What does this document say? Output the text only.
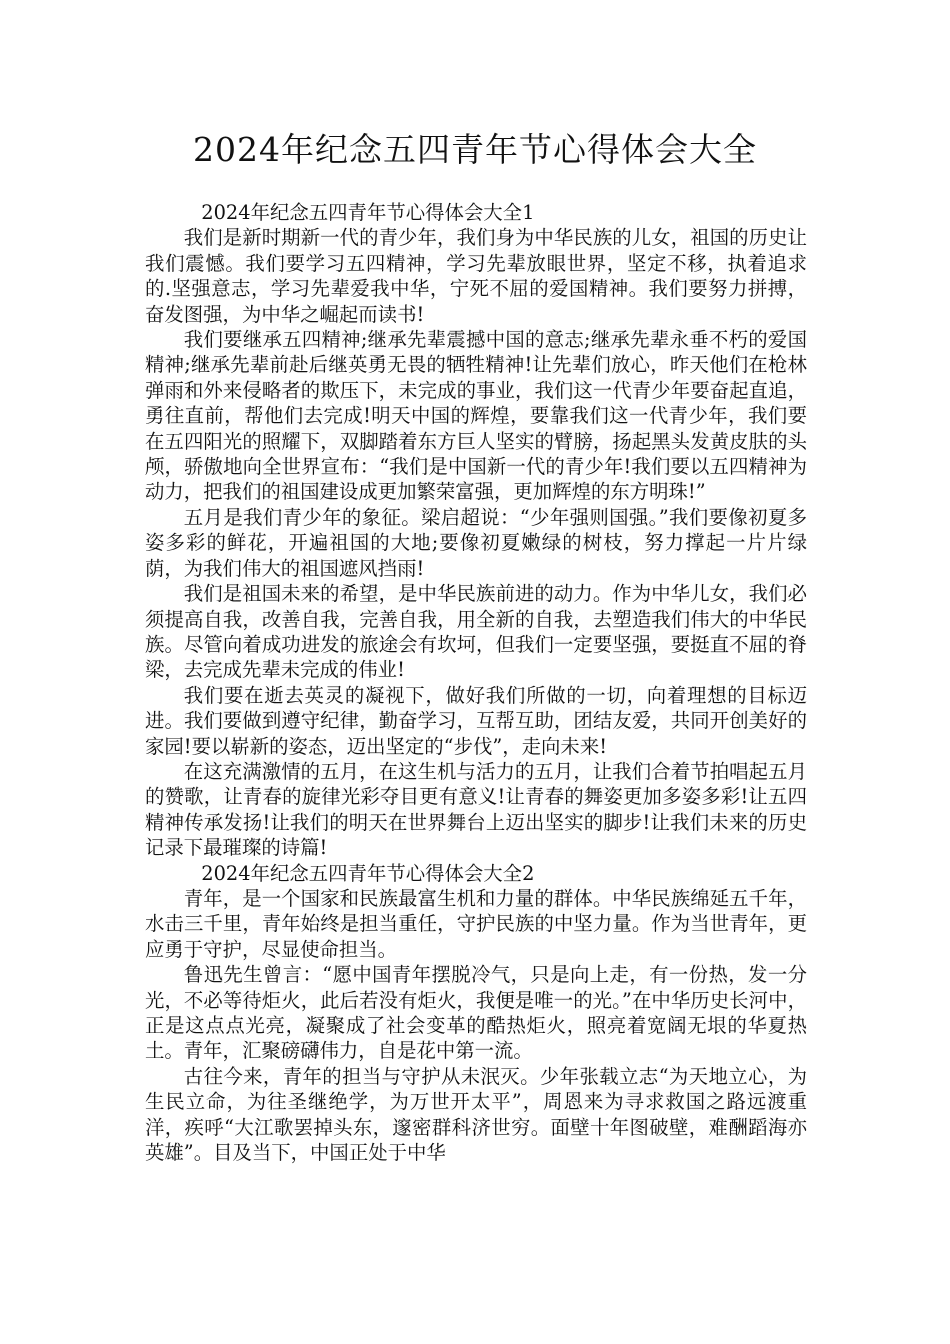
2024年纪念五四青年节心得体会大全

2024年纪念五四青年节心得体会大全1

我们是新时期新一代的青少年，我们身为中华民族的儿女，祖国的历史让我们震憾。我们要学习五四精神，学习先辈放眼世界，坚定不移，执着追求的.坚强意志，学习先辈爱我中华，宁死不屈的爱国精神。我们要努力拼搏，奋发图强，为中华之崛起而读书!

我们要继承五四精神;继承先辈震撼中国的意志;继承先辈永垂不朽的爱国精神;继承先辈前赴后继英勇无畏的牺牲精神!让先辈们放心，昨天他们在枪林弹雨和外来侵略者的欺压下，未完成的事业，我们这一代青少年要奋起直追，勇往直前，帮他们去完成!明天中国的辉煌，要靠我们这一代青少年，我们要在五四阳光的照耀下，双脚踏着东方巨人坚实的臂膀，扬起黑头发黄皮肤的头颅，骄傲地向全世界宣布：“我们是中国新一代的青少年!我们要以五四精神为动力，把我们的祖国建设成更加繁荣富强，更加辉煌的东方明珠!”

五月是我们青少年的象征。梁启超说：“少年强则国强。”我们要像初夏多姿多彩的鲜花，开遍祖国的大地;要像初夏嫩绿的树枝，努力撑起一片片绿荫，为我们伟大的祖国遮风挡雨!

我们是祖国未来的希望，是中华民族前进的动力。作为中华儿女，我们必须提高自我，改善自我，完善自我，用全新的自我，去塑造我们伟大的中华民族。尽管向着成功进发的旅途会有坎坷，但我们一定要坚强，要挺直不屈的脊梁，去完成先辈未完成的伟业!

我们要在逝去英灵的凝视下，做好我们所做的一切，向着理想的目标迈进。我们要做到遵守纪律，勤奋学习，互帮互助，团结友爱，共同开创美好的家园!要以崭新的姿态，迈出坚定的“步伐”，走向未来!

在这充满激情的五月，在这生机与活力的五月，让我们合着节拍唱起五月的赞歌，让青春的旋律光彩夺目更有意义!让青春的舞姿更加多姿多彩!让五四精神传承发扬!让我们的明天在世界舞台上迈出坚实的脚步!让我们未来的历史记录下最璀璨的诗篇!

2024年纪念五四青年节心得体会大全2

青年，是一个国家和民族最富生机和力量的群体。中华民族绵延五千年，水击三千里，青年始终是担当重任，守护民族的中坚力量。作为当世青年，更应勇于守护，尽显使命担当。

鲁迅先生曾言：“愿中国青年摆脱冷气，只是向上走，有一份热，发一分光，不必等待炬火，此后若没有炬火，我便是唯一的光。”在中华历史长河中，正是这点点光亮，凝聚成了社会变革的酷热炬火，照亮着宽阔无垠的华夏热土。青年，汇聚磅礴伟力，自是花中第一流。

古往今来，青年的担当与守护从未泯灭。少年张载立志“为天地立心，为生民立命，为往圣继绝学，为万世开太平”，周恩来为寻求救国之路远渡重洋，疾呼“大江歌罢掉头东，邃密群科济世穷。面壁十年图破壁，难酬蹈海亦英雄”。目及当下，中国正处于中华
